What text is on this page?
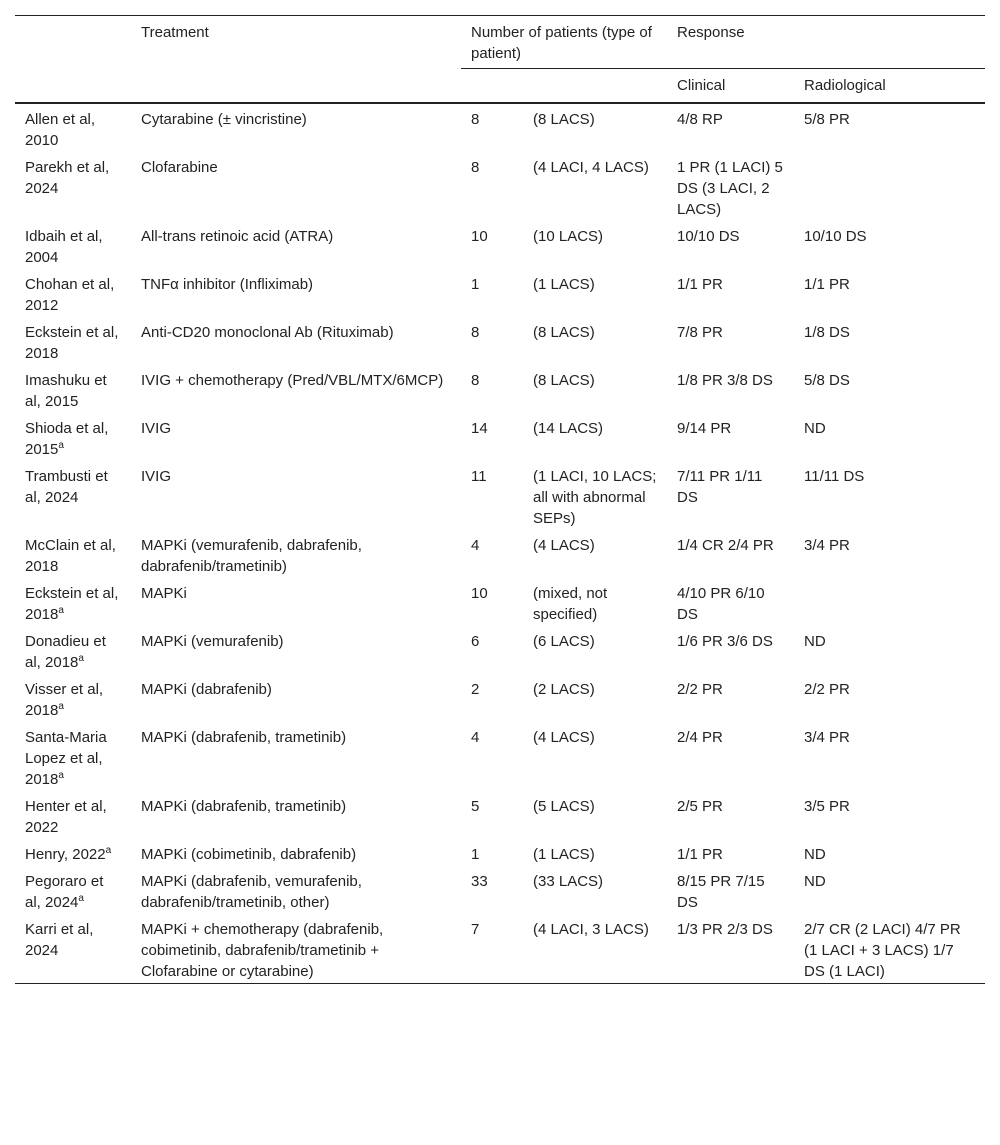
	Treatment	Number of patients (type of patient)		Response	
				Clinical	Radiological
Allen et al, 2010	Cytarabine (± vincristine)	8	(8 LACS)	4/8 RP	5/8 PR
Parekh et al, 2024	Clofarabine	8	(4 LACI, 4 LACS)	1 PR (1 LACI) 5 DS (3 LACI, 2 LACS)	
Idbaih et al, 2004	All-trans retinoic acid (ATRA)	10	(10 LACS)	10/10 DS	10/10 DS
Chohan et al, 2012	TNFα inhibitor (Infliximab)	1	(1 LACS)	1/1 PR	1/1 PR
Eckstein et al, 2018	Anti-CD20 monoclonal Ab (Rituximab)	8	(8 LACS)	7/8 PR	1/8 DS
Imashuku et al, 2015	IVIG + chemotherapy (Pred/VBL/MTX/6MCP)	8	(8 LACS)	1/8 PR 3/8 DS	5/8 DS
Shioda et al, 2015$^a$	IVIG	14	(14 LACS)	9/14 PR	ND
Trambusti et al, 2024	IVIG	11	(1 LACI, 10 LACS; all with abnormal SEPs)	7/11 PR 1/11 DS	11/11 DS
McClain et al, 2018	MAPKi (vemurafenib, dabrafenib, dabrafenib/trametinib)	4	(4 LACS)	1/4 CR 2/4 PR	3/4 PR
Eckstein et al, 2018$^a$	MAPKi	10	(mixed, not specified)	4/10 PR 6/10 DS	
Donadieu et al, 2018$^a$	MAPKi (vemurafenib)	6	(6 LACS)	1/6 PR 3/6 DS	ND
Visser et al, 2018$^a$	MAPKi (dabrafenib)	2	(2 LACS)	2/2 PR	2/2 PR
Santa-Maria Lopez et al, 2018$^a$	MAPKi (dabrafenib, trametinib)	4	(4 LACS)	2/4 PR	3/4 PR
Henter et al, 2022	MAPKi (dabrafenib, trametinib)	5	(5 LACS)	2/5 PR	3/5 PR
Henry, 2022$^a$	MAPKi (cobimetinib, dabrafenib)	1	(1 LACS)	1/1 PR	ND
Pegoraro et al, 2024$^a$	MAPKi (dabrafenib, vemurafenib, dabrafenib/trametinib, other)	33	(33 LACS)	8/15 PR 7/15 DS	ND
Karri et al, 2024	MAPKi + chemotherapy (dabrafenib, cobimetinib, dabrafenib/trametinib + Clofarabine or cytarabine)	7	(4 LACI, 3 LACS)	1/3 PR 2/3 DS	2/7 CR (2 LACI) 4/7 PR (1 LACI + 3 LACS) 1/7 DS (1 LACI)
